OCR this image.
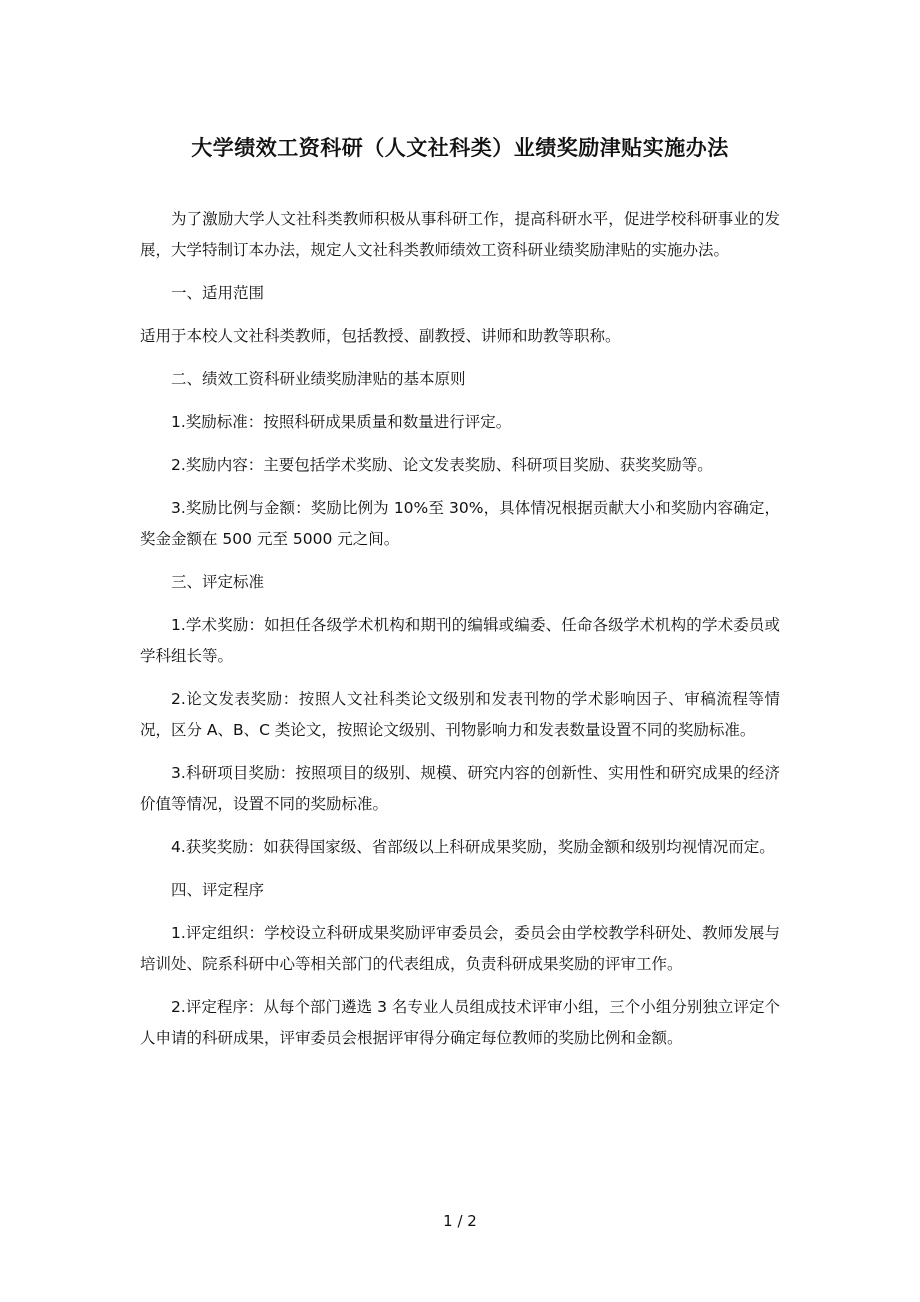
大学绩效工资科研（人文社科类）业绩奖励津贴实施办法

为了激励大学人文社科类教师积极从事科研工作，提高科研水平，促进学校科研事业的发展，大学特制订本办法，规定人文社科类教师绩效工资科研业绩奖励津贴的实施办法。

一、适用范围

适用于本校人文社科类教师，包括教授、副教授、讲师和助教等职称。

二、绩效工资科研业绩奖励津贴的基本原则

1.奖励标准：按照科研成果质量和数量进行评定。

2.奖励内容：主要包括学术奖励、论文发表奖励、科研项目奖励、获奖奖励等。

3.奖励比例与金额：奖励比例为 10%至 30%，具体情况根据贡献大小和奖励内容确定，奖金金额在 500 元至 5000 元之间。

三、评定标准

1.学术奖励：如担任各级学术机构和期刊的编辑或编委、任命各级学术机构的学术委员或学科组长等。

2.论文发表奖励：按照人文社科类论文级别和发表刊物的学术影响因子、审稿流程等情况，区分 A、B、C 类论文，按照论文级别、刊物影响力和发表数量设置不同的奖励标准。

3.科研项目奖励：按照项目的级别、规模、研究内容的创新性、实用性和研究成果的经济价值等情况，设置不同的奖励标准。

4.获奖奖励：如获得国家级、省部级以上科研成果奖励，奖励金额和级别均视情况而定。

四、评定程序

1.评定组织：学校设立科研成果奖励评审委员会，委员会由学校教学科研处、教师发展与培训处、院系科研中心等相关部门的代表组成，负责科研成果奖励的评审工作。

2.评定程序：从每个部门遴选 3 名专业人员组成技术评审小组，三个小组分别独立评定个人申请的科研成果，评审委员会根据评审得分确定每位教师的奖励比例和金额。

1 / 2
